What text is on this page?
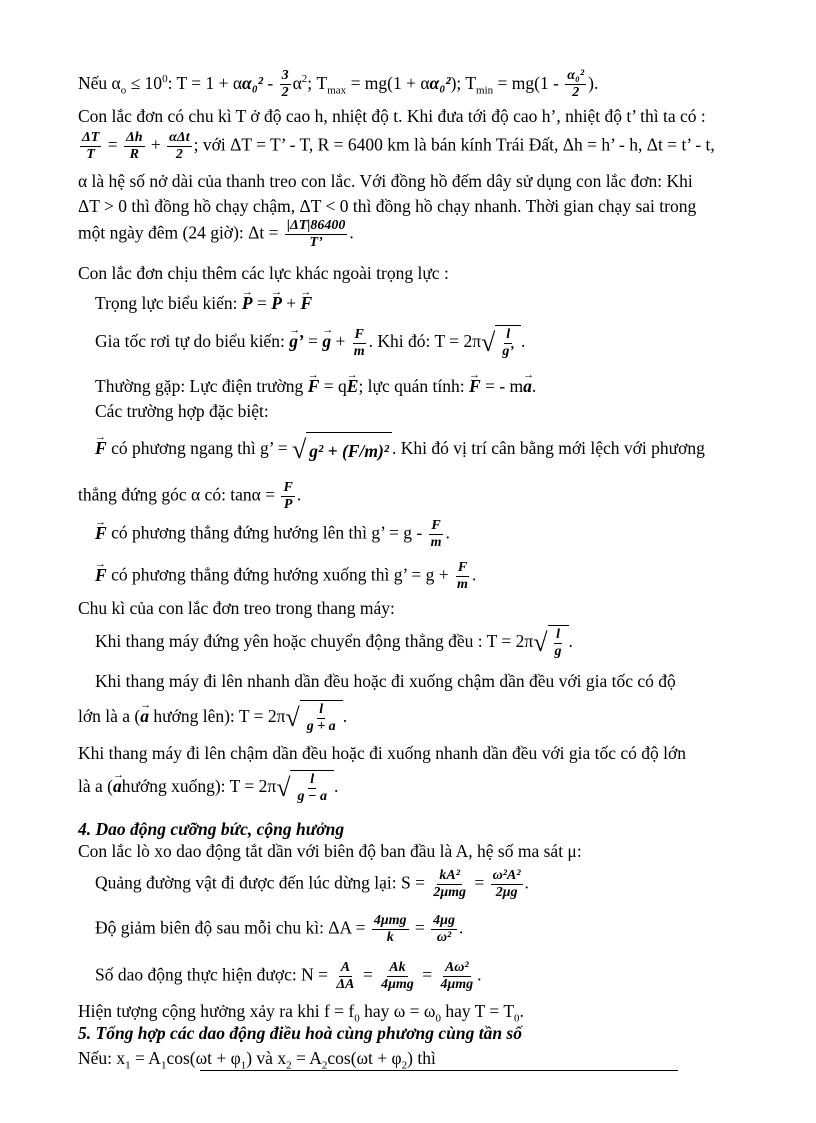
Nếu $\alpha_o \le 10^0$: $T = 1 + \alpha\alpha_0^2 - \frac{3}{2} \alpha^2$; $T_{max} = mg(1 + \alpha\alpha_0^2)$; $T_{min} = mg(1 - \frac{\text{α₀²}}{2}$ ).
Con lắc đơn có chu kì T ở độ cao h, nhiệt độ t. Khi đưa tới độ cao h’, nhiệt độ t’ thì ta có :
$\frac{\Delta T}{T} = \frac{\Delta h}{R} + \frac{\text{αΔt}}{2}$ ; với ΔT = T’ - T, R = 6400 km là bán kính Trái Đất, Δh = h’ - h, Δt = t’ - t,
α là hệ số nở dài của thanh treo con lắc. Với đồng hồ đếm dây sử dụng con lắc đơn: Khi
ΔT > 0 thì đồng hồ chạy chậm, ΔT < 0 thì đồng hồ chạy nhanh. Thời gian chạy sai trong
một ngày đêm (24 giờ): $\Delta t = \frac{|\Delta T|86400}{T’}$ .
Con lắc đơn chịu thêm các lực khác ngoài trọng lực :
Trọng lực biểu kiến: → P = → P + → F
Gia tốc rơi tự do biểu kiến: → g’ = → $g + \frac{F}{m}$ . Khi đó: T = 2π √ $\frac{l}{g’}$ .
Thường gặp: Lực điện trường → F = q→ E; lực quán tính: → F = - m→ a.
Các trường hợp đặc biệt:
→ F có phương ngang thì g’ = √ g² + (F/m)² . Khi đó vị trí cân bằng mới lệch với phương
thẳng đứng góc α có: $\tan\alpha = \frac{F}{P}$ .
→ F có phương thẳng đứng hướng lên thì g’ = g - $\frac{F}{m}$ .
→ F có phương thẳng đứng hướng xuống thì g’ = $g + \frac{F}{m}$ .
Chu kì của con lắc đơn treo trong thang máy:
Khi thang máy đứng yên hoặc chuyển động thẳng đều : T = 2π √ $\frac{l}{g}$ .
Khi thang máy đi lên nhanh dần đều hoặc đi xuống chậm dần đều với gia tốc có độ
lớn là a (→ a hướng lên): T = 2π √ $\frac{l}{g + a}$ .
Khi thang máy đi lên chậm dần đều hoặc đi xuống nhanh dần đều với gia tốc có độ lớn
là a (→ ahướng xuống): T = 2π √ $\frac{l}{g - a}$ .
4. Dao động cưỡng bức, cộng hưởng
Con lắc lò xo dao động tắt dần với biên độ ban đầu là A, hệ số ma sát μ:
Quảng đường vật đi được đến lúc dừng lại: $S = \frac{\text{kA²}}{\text{2μmg}} = \frac{\text{ω²A²}}{2\mu g}$ .
Độ giảm biên độ sau mỗi chu kì: $\Delta A = \frac{\text{4μmg}}{k} = \frac{4\mu g}{\text{ω²}}$ .
Số dao động thực hiện được: $N = \frac{A}{\Delta A} = \frac{Ak}{\text{4μmg}} = \frac{\text{Aω²}}{\text{4μmg}}$ .
Hiện tượng cộng hưởng xảy ra khi $f = f_0$ hay $\omega = \omega_0$ hay $T = T_0$.
5. Tổng hợp các dao động điều hoà cùng phương cùng tần số
Nếu: $x_1 = A_1\cos(\omega t + \varphi_1)$ và $x_2 = A_2\cos(\omega t + \varphi_2)$ thì
